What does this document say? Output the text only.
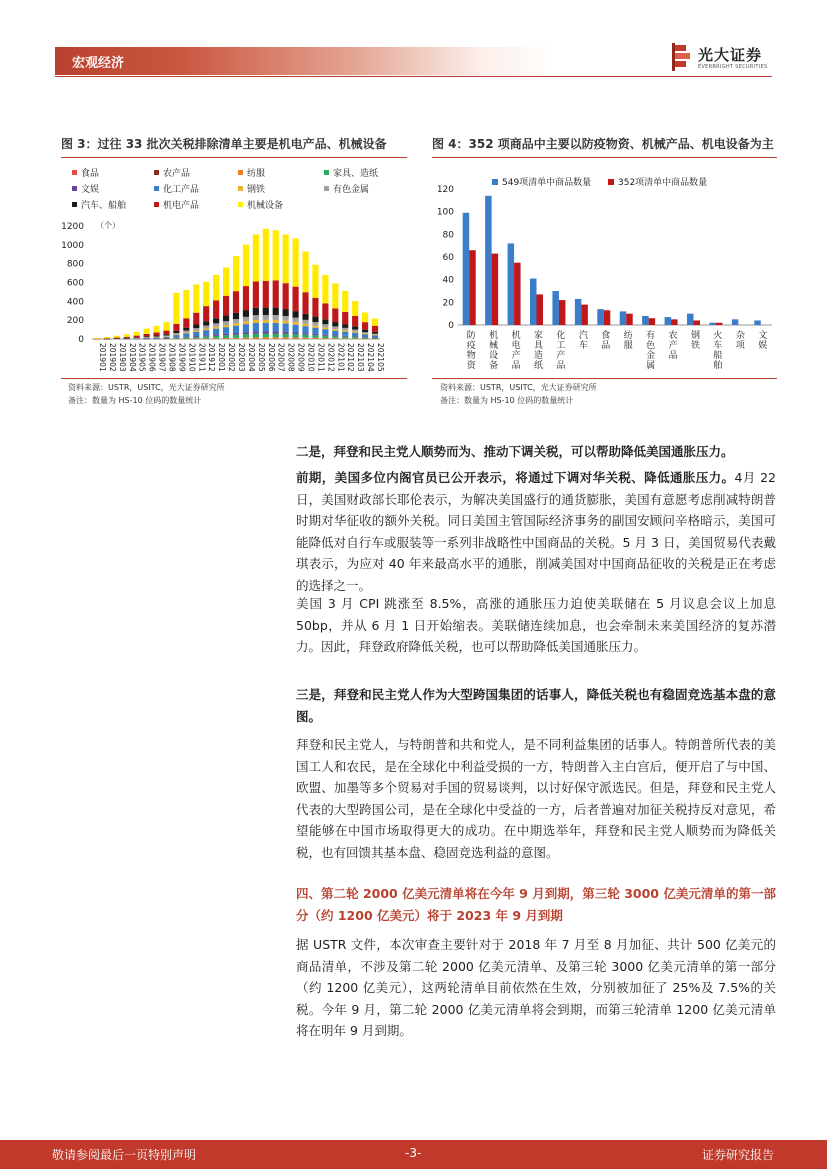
宏观经济	光大证券
EVERBRIGHT SECURITIES
图 3：过往 33 批次关税排除清单主要是机电产品、机械设备
食品	农产品	纺服	家具、造纸
文娱	化工产品	钢铁	有色金属
汽车、船舶	机电产品	机械设备
（个）
0
200
400
600
800
1000
1200
201901 201902 201903 201904 201905 201906 201907 201908 201909 201910 201911 201912 202001 202002 202003 202004 202005 202006 202007 202008 202009 202010 202011 202012 202101 202102 202103 202104 202105
资料来源：USTR，USITC，光大证券研究所
备注：数量为 HS-10 位码的数量统计
图 4：352 项商品中主要以防疫物资、机械产品、机电设备为主
549项清单中商品数量	352项清单中商品数量
0
20
40
60
80
100
120
防
疫
物
资
机
械
设
备
机
电
产
品
家
具
造
纸
化
工
产
品
汽
车
食
品
纺
服
有
色
金
属
农
产
品
钢
铁
火
车
船
舶
杂
项
文
娱
资料来源：USTR，USITC，光大证券研究所
备注：数量为 HS-10 位码的数量统计
二是，拜登和民主党人顺势而为、推动下调关税，可以帮助降低美国通胀压力。
前期，美国多位内阁官员已公开表示，将通过下调对华关税、降低通胀压力。4月 22 日，美国财政部长耶伦表示，为解决美国盛行的通货膨胀，美国有意愿考虑削减特朗普时期对华征收的额外关税。同日美国主管国际经济事务的副国安顾问辛格暗示，美国可能降低对自行车或服装等一系列非战略性中国商品的关税。5 月 3 日，美国贸易代表戴琪表示，为应对 40 年来最高水平的通胀，削减美国对中国商品征收的关税是正在考虑的选择之一。
美国 3 月 CPI 跳涨至 8.5%，高涨的通胀压力迫使美联储在 5 月议息会议上加息 50bp，并从 6 月 1 日开始缩表。美联储连续加息，也会牵制未来美国经济的复苏潜力。因此，拜登政府降低关税，也可以帮助降低美国通胀压力。
三是，拜登和民主党人作为大型跨国集团的话事人，降低关税也有稳固竞选基本盘的意图。
拜登和民主党人，与特朗普和共和党人，是不同利益集团的话事人。特朗普所代表的美国工人和农民，是在全球化中利益受损的一方，特朗普入主白宫后，便开启了与中国、欧盟、加墨等多个贸易对手国的贸易谈判，以讨好保守派选民。但是，拜登和民主党人代表的大型跨国公司，是在全球化中受益的一方，后者普遍对加征关税持反对意见，希望能够在中国市场取得更大的成功。在中期选举年，拜登和民主党人顺势而为降低关税，也有回馈其基本盘、稳固竞选利益的意图。
四、第二轮 2000 亿美元清单将在今年 9 月到期，第三轮 3000 亿美元清单的第一部分（约 1200 亿美元）将于 2023 年 9 月到期
据 USTR 文件，本次审查主要针对于 2018 年 7 月至 8 月加征、共计 500 亿美元的商品清单，不涉及第二轮 2000 亿美元清单、及第三轮 3000 亿美元清单的第一部分（约 1200 亿美元），这两轮清单目前依然在生效，分别被加征了 25%及 7.5%的关税。今年 9 月，第二轮 2000 亿美元清单将会到期，而第三轮清单 1200 亿美元清单将在明年 9 月到期。
敬请参阅最后一页特别声明	-3-	证券研究报告
